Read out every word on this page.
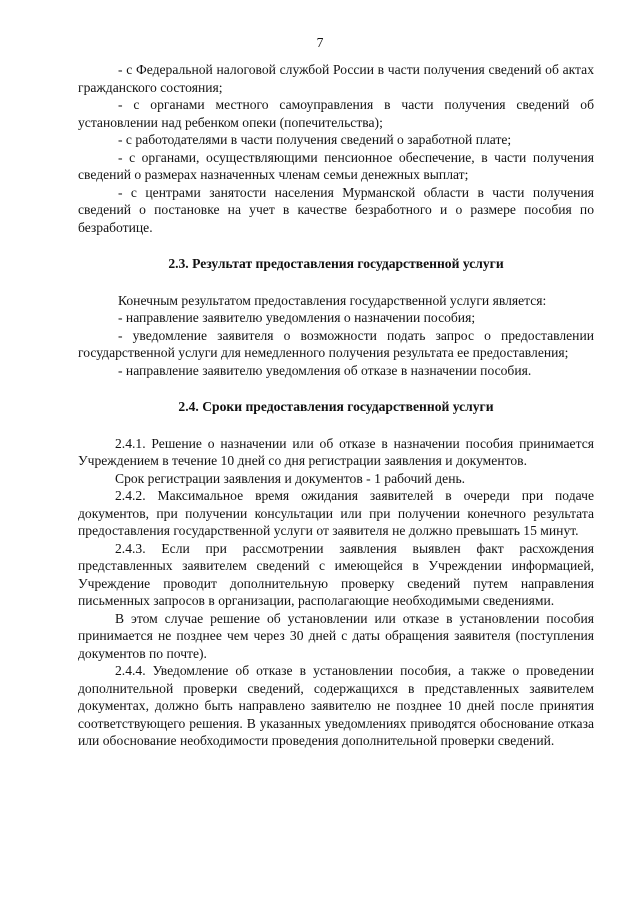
7

- с Федеральной налоговой службой России в части получения сведений об актах гражданского состояния;

- с органами местного самоуправления в части получения сведений об установлении над ребенком опеки (попечительства);

- с работодателями в части получения сведений о заработной плате;

- с органами, осуществляющими пенсионное обеспечение, в части получения сведений о размерах назначенных членам семьи денежных выплат;

- с центрами занятости населения Мурманской области в части получения сведений о постановке на учет в качестве безработного и о размере пособия по безработице.

2.3. Результат предоставления государственной услуги

Конечным результатом предоставления государственной услуги является:

- направление заявителю уведомления о назначении пособия;

- уведомление заявителя о возможности подать запрос о предоставлении государственной услуги для немедленного получения результата ее предоставления;

- направление заявителю уведомления об отказе в назначении пособия.

2.4. Сроки предоставления государственной услуги

2.4.1. Решение о назначении или об отказе в назначении пособия принимается Учреждением в течение 10 дней со дня регистрации заявления и документов.

Срок регистрации заявления и документов - 1 рабочий день.

2.4.2. Максимальное время ожидания заявителей в очереди при подаче документов, при получении консультации или при получении конечного результата предоставления государственной услуги от заявителя не должно превышать 15 минут.

2.4.3. Если при рассмотрении заявления выявлен факт расхождения представленных заявителем сведений с имеющейся в Учреждении информацией, Учреждение проводит дополнительную проверку сведений путем направления письменных запросов в организации, располагающие необходимыми сведениями.

В этом случае решение об установлении или отказе в установлении пособия принимается не позднее чем через 30 дней с даты обращения заявителя (поступления документов по почте).

2.4.4. Уведомление об отказе в установлении пособия, а также о проведении дополнительной проверки сведений, содержащихся в представленных заявителем документах, должно быть направлено заявителю не позднее 10 дней после принятия соответствующего решения. В указанных уведомлениях приводятся обоснование отказа или обоснование необходимости проведения дополнительной проверки сведений.
